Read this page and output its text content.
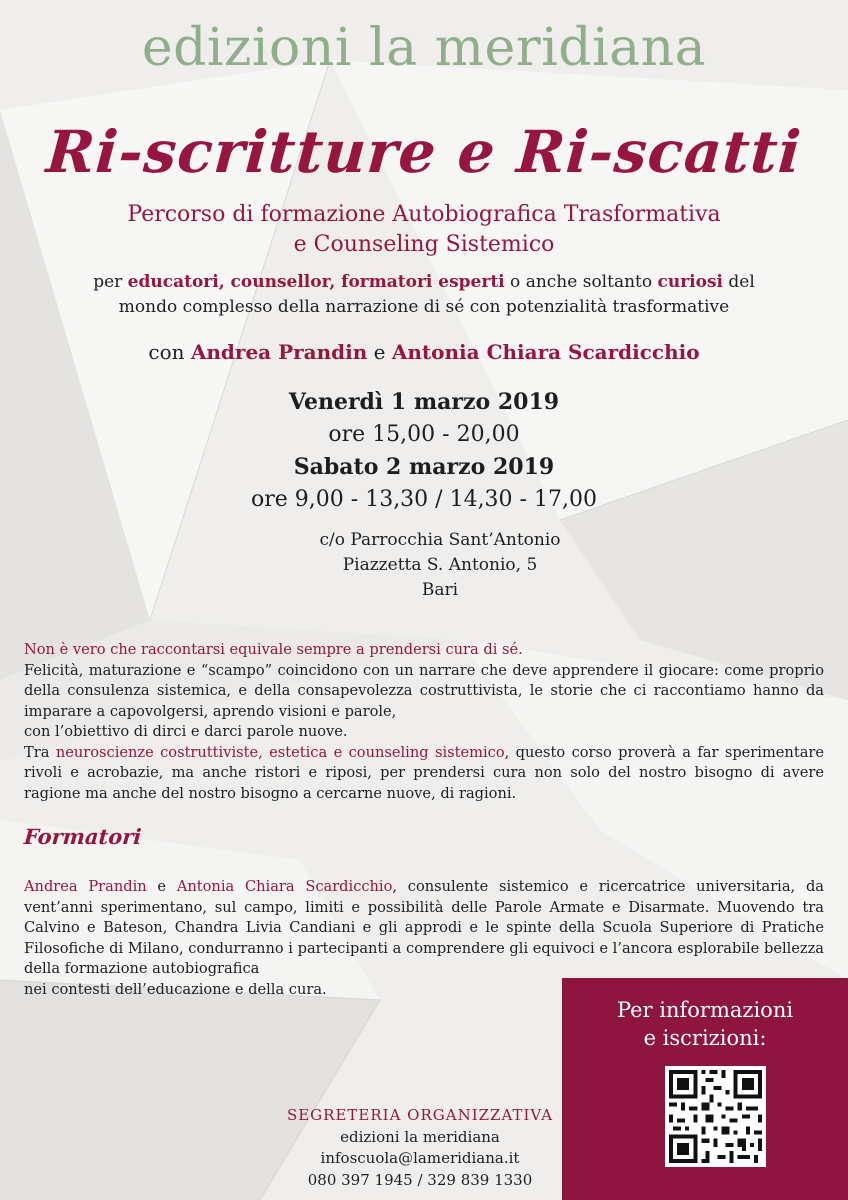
edizioni la meridiana
Ri-scritture e Ri-scatti
Percorso di formazione Autobiografica Trasformativa
e Counseling Sistemico
per educatori, counsellor, formatori esperti o anche soltanto curiosi del
mondo complesso della narrazione di sé con potenzialità trasformative
con Andrea Prandin e Antonia Chiara Scardicchio
Venerdì 1 marzo 2019
ore 15,00 - 20,00
Sabato 2 marzo 2019
ore 9,00 - 13,30 / 14,30 - 17,00
c/o Parrocchia Sant’Antonio
Piazzetta S. Antonio, 5
Bari
Non è vero che raccontarsi equivale sempre a prendersi cura di sé.
Felicità, maturazione e “scampo” coincidono con un narrare che deve apprendere il giocare: come proprio della consulenza sistemica, e della consapevolezza costruttivista, le storie che ci raccontiamo hanno da imparare a capovolgersi, aprendo visioni e parole,
con l’obiettivo di dirci e darci parole nuove.
Tra neuroscienze costruttiviste, estetica e counseling sistemico, questo corso proverà a far sperimentare rivoli e acrobazie, ma anche ristori e riposi, per prendersi cura non solo del nostro bisogno di avere ragione ma anche del nostro bisogno a cercarne nuove, di ragioni.
Formatori
Andrea Prandin e Antonia Chiara Scardicchio, consulente sistemico e ricercatrice universitaria, da vent’anni sperimentano, sul campo, limiti e possibilità delle Parole Armate e Disarmate. Muovendo tra Calvino e Bateson, Chandra Livia Candiani e gli approdi e le spinte della Scuola Superiore di Pratiche Filosofiche di Milano, condurranno i partecipanti a comprendere gli equivoci e l’ancora esplorabile bellezza della formazione autobiografica
nei contesti dell’educazione e della cura.
Per informazioni
e iscrizioni:
SEGRETERIA ORGANIZZATIVA
edizioni la meridiana
infoscuola@lameridiana.it
080 397 1945 / 329 839 1330
